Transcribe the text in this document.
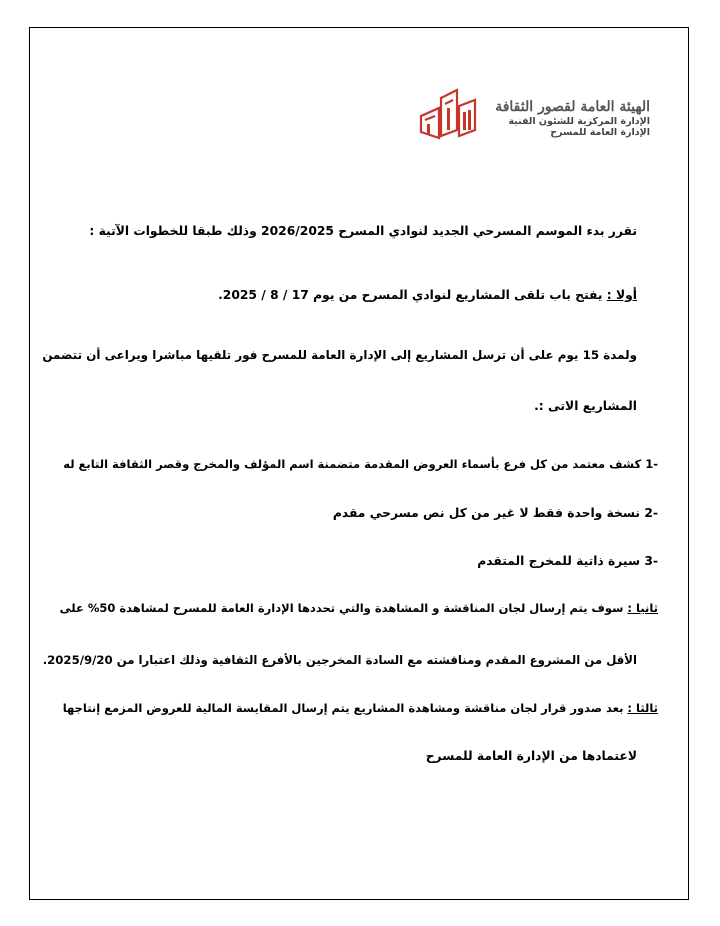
الهيئة العامة لقصور الثقافة
الإدارة المركزية للشئون الفنية
الإدارة العامة للمسرح
تقرر بدء الموسم المسرحي الجديد لنوادي المسرح 2026/2025 وذلك طبقا للخطوات الآتية :
أولا : يفتح باب تلقى المشاريع لنوادي المسرح من يوم 17 / 8 / 2025.
ولمدة 15 يوم على أن ترسل المشاريع إلى الإدارة العامة للمسرح فور تلقيها مباشرا ويراعى أن تتضمن
المشاريع الاتى :.
-1 كشف معتمد من كل فرع بأسماء العروض المقدمة متضمنة اسم المؤلف والمخرج وقصر الثقافة التابع له
-2 نسخة واحدة فقط لا غير من كل نص مسرحي مقدم
-3 سيرة ذاتية للمخرج المتقدم
ثانيا : سوف يتم إرسال لجان المناقشة و المشاهدة والتي تحددها الإدارة العامة للمسرح لمشاهدة 50% على
الأقل من المشروع المقدم ومناقشته مع السادة المخرجين بالأفرع الثقافية وذلك اعتبارا من 2025/9/20.
ثالثا : بعد صدور قرار لجان مناقشة ومشاهدة المشاريع يتم إرسال المقايسة المالية للعروض المزمع إنتاجها
لاعتمادها من الإدارة العامة للمسرح
